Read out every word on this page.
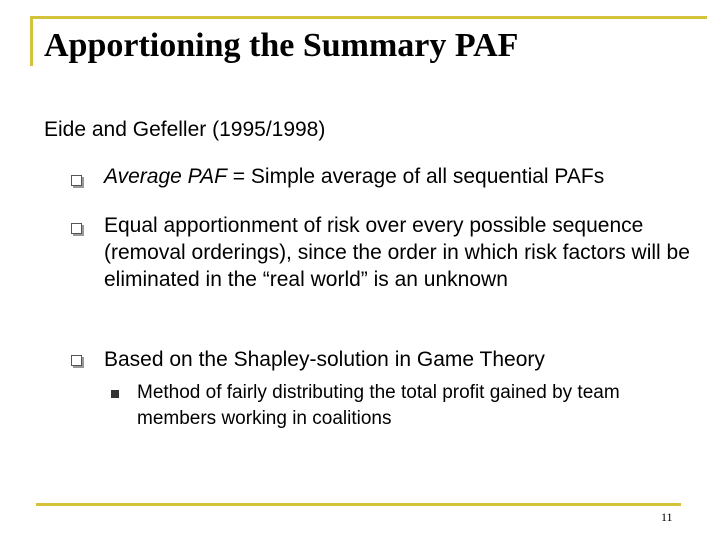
Apportioning the Summary PAF
Eide and Gefeller (1995/1998)
Average PAF = Simple average of all sequential PAFs
Equal apportionment of risk over every possible sequence (removal orderings), since the order in which risk factors will be eliminated in the “real world” is an unknown
Based on the Shapley-solution in Game Theory
Method of fairly distributing the total profit gained by team members working in coalitions
11
